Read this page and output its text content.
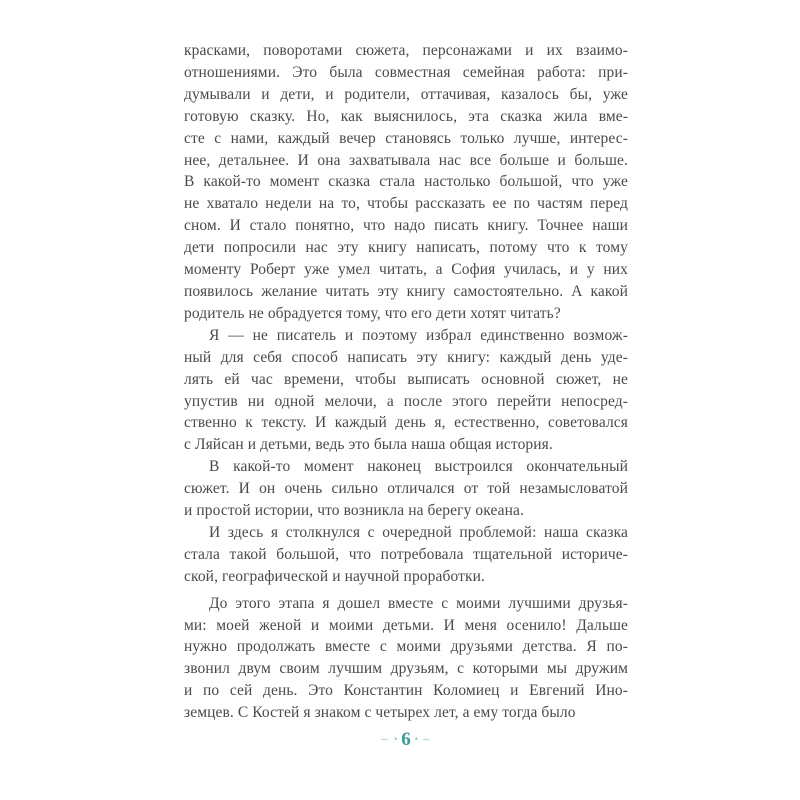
красками, поворотами сюжета, персонажами и их взаимо-
отношениями. Это была совместная семейная работа: при-
думывали и дети, и родители, оттачивая, казалось бы, уже
готовую сказку. Но, как выяснилось, эта сказка жила вме-
сте с нами, каждый вечер становясь только лучше, интерес-
нее, детальнее. И она захватывала нас все больше и больше.
В какой-то момент сказка стала настолько большой, что уже
не хватало недели на то, чтобы рассказать ее по частям перед
сном. И стало понятно, что надо писать книгу. Точнее наши
дети попросили нас эту книгу написать, потому что к тому
моменту Роберт уже умел читать, а София училась, и у них
появилось желание читать эту книгу самостоятельно. А какой
родитель не обрадуется тому, что его дети хотят читать?
Я — не писатель и поэтому избрал единственно возмож-
ный для себя способ написать эту книгу: каждый день уде-
лять ей час времени, чтобы выписать основной сюжет, не
упустив ни одной мелочи, а после этого перейти непосред-
ственно к тексту. И каждый день я, естественно, советовался
с Ляйсан и детьми, ведь это была наша общая история.
В какой-то момент наконец выстроился окончательный
сюжет. И он очень сильно отличался от той незамысловатой
и простой истории, что возникла на берегу океана.
И здесь я столкнулся с очередной проблемой: наша сказка
стала такой большой, что потребовала тщательной историче-
ской, географической и научной проработки.
До этого этапа я дошел вместе с моими лучшими друзья-
ми: моей женой и моими детьми. И меня осенило! Дальше
нужно продолжать вместе с моими друзьями детства. Я по-
звонил двум своим лучшим друзьям, с которыми мы дружим
и по сей день. Это Константин Коломиец и Евгений Ино-
земцев. С Костей я знаком с четырех лет, а ему тогда было
∼ • 6 • ∼
